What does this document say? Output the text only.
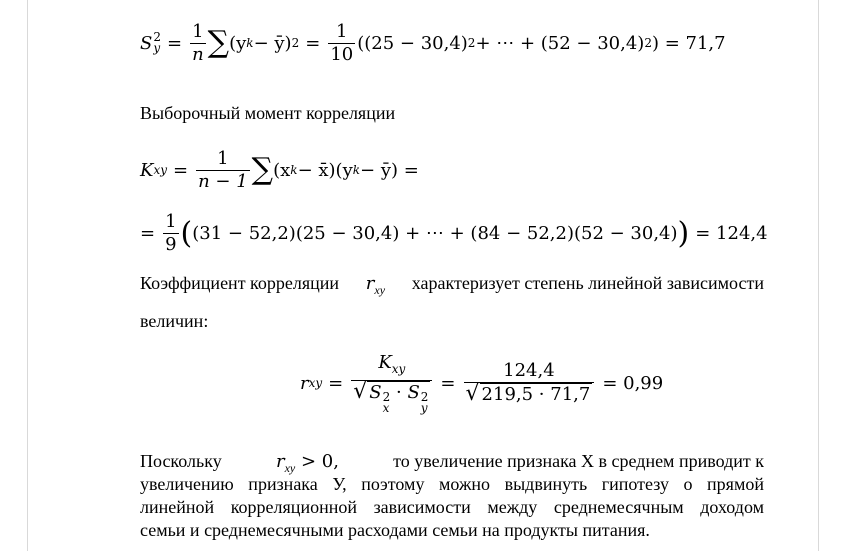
S 2
$y = \frac{1}{n}$ ∑ (y k − ȳ) $2 = \frac{1}{10} ((25 - 30,4) 2$ + ⋯ + (52 − 30,4) 2 ) = 71,7
Выборочный момент корреляции
K xy = $\frac{1}{n - 1}$ ∑ (x k − x̄)(y k − ȳ) =
= $\frac{1}{9}$ ( (31 − 52,2)(25 − 30,4) + ⋯ + (84 − 52,2)(52 − 30,4) ) = 124,4
Коэффициент корреляции $r_{xy}$ характеризует степень линейной зависимости
величин:
r xy = $K_{xy}$
√ S 2
x
· S 2
$y = \frac{124,4}{√ 219,5 \cdot 71,7} = 0,99$
Поскольку	$r_{xy} > 0$,	то увеличение признака X в среднем приводит к
увеличению признака У, поэтому можно выдвинуть гипотезу о прямой
линейной корреляционной зависимости между среднемесячным доходом
семьи и среднемесячными расходами семьи на продукты питания.
